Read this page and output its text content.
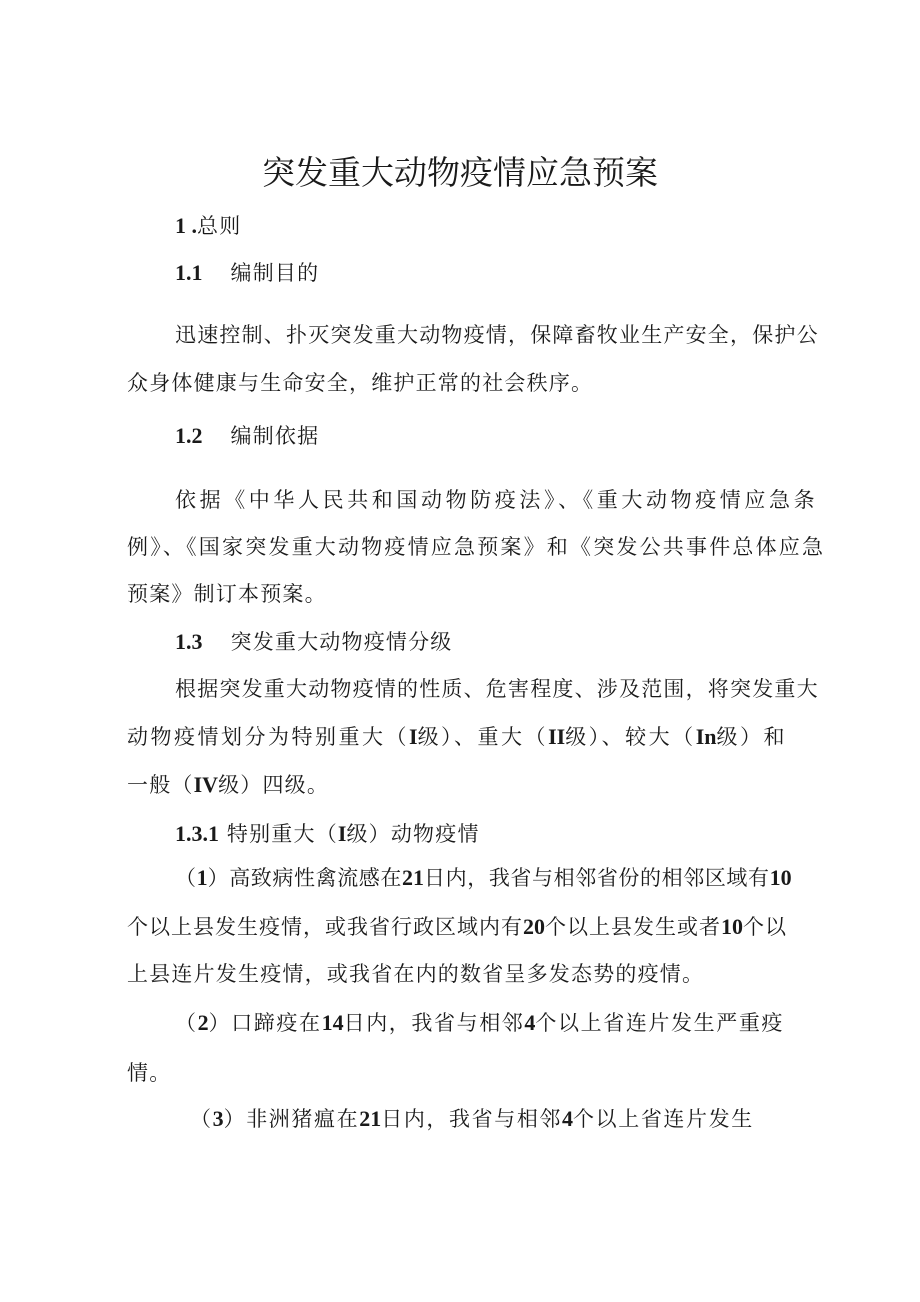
突发重大动物疫情应急预案
1 .总则
1.1 编制目的
迅速控制、扑灭突发重大动物疫情，保障畜牧业生产安全，保护公
众身体健康与生命安全，维护正常的社会秩序。
1.2 编制依据
依据《中华人民共和国动物防疫法》、《重大动物疫情应急条
例》、《国家突发重大动物疫情应急预案》和《突发公共事件总体应急
预案》制订本预案。
1.3 突发重大动物疫情分级
根据突发重大动物疫情的性质、危害程度、涉及范围，将突发重大
动物疫情划分为特别重大（I级）、重大（II级）、较大（In级）和
一般（IV级）四级。
1.3.1 特别重大（I级）动物疫情
（1）高致病性禽流感在21日内，我省与相邻省份的相邻区域有10
个以上县发生疫情，或我省行政区域内有20个以上县发生或者10个以
上县连片发生疫情，或我省在内的数省呈多发态势的疫情。
（2）口蹄疫在14日内，我省与相邻4个以上省连片发生严重疫
情。
（3）非洲猪瘟在21日内，我省与相邻4个以上省连片发生
